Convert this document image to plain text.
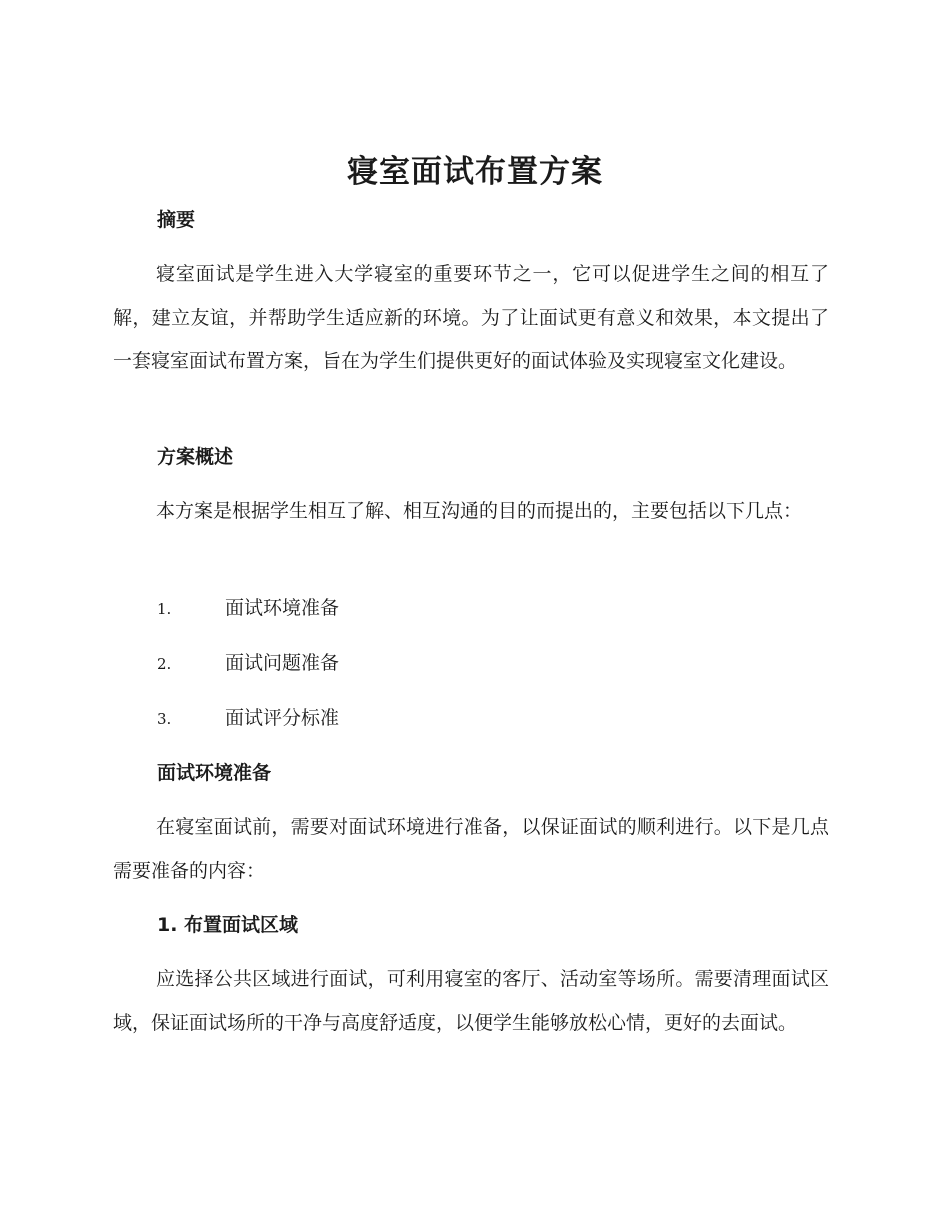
寝室面试布置方案
摘要

寝室面试是学生进入大学寝室的重要环节之一，它可以促进学生之间的相互了解，建立友谊，并帮助学生适应新的环境。为了让面试更有意义和效果，本文提出了一套寝室面试布置方案，旨在为学生们提供更好的面试体验及实现寝室文化建设。

方案概述

本方案是根据学生相互了解、相互沟通的目的而提出的，主要包括以下几点：

1.	面试环境准备
2.	面试问题准备
3.	面试评分标准
面试环境准备

在寝室面试前，需要对面试环境进行准备，以保证面试的顺利进行。以下是几点需要准备的内容：

1. 布置面试区域

应选择公共区域进行面试，可利用寝室的客厅、活动室等场所。需要清理面试区域，保证面试场所的干净与高度舒适度，以便学生能够放松心情，更好的去面试。
